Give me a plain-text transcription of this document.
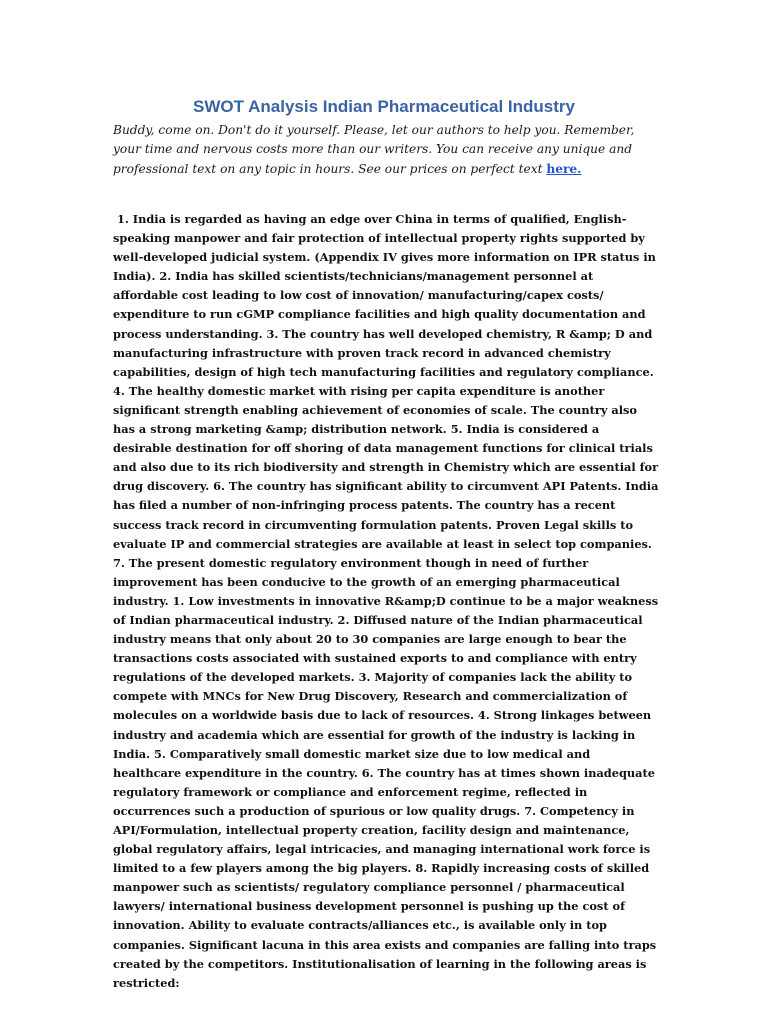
SWOT Analysis Indian Pharmaceutical Industry

Buddy, come on. Don't do it yourself. Please, let our authors to help you. Remember, your time and nervous costs more than our writers. You can receive any unique and professional text on any topic in hours. See our prices on perfect text here.

1. India is regarded as having an edge over China in terms of qualified, English-speaking manpower and fair protection of intellectual property rights supported by well-developed judicial system. (Appendix IV gives more information on IPR status in India). 2. India has skilled scientists/technicians/management personnel at affordable cost leading to low cost of innovation/ manufacturing/capex costs/ expenditure to run cGMP compliance facilities and high quality documentation and process understanding. 3. The country has well developed chemistry, R &amp; D and manufacturing infrastructure with proven track record in advanced chemistry capabilities, design of high tech manufacturing facilities and regulatory compliance. 4. The healthy domestic market with rising per capita expenditure is another significant strength enabling achievement of economies of scale. The country also has a strong marketing &amp; distribution network. 5. India is considered a desirable destination for off shoring of data management functions for clinical trials and also due to its rich biodiversity and strength in Chemistry which are essential for drug discovery. 6. The country has significant ability to circumvent API Patents. India has filed a number of non-infringing process patents. The country has a recent success track record in circumventing formulation patents. Proven Legal skills to evaluate IP and commercial strategies are available at least in select top companies. 7. The present domestic regulatory environment though in need of further improvement has been conducive to the growth of an emerging pharmaceutical industry. 1. Low investments in innovative R&amp;D continue to be a major weakness of Indian pharmaceutical industry. 2. Diffused nature of the Indian pharmaceutical industry means that only about 20 to 30 companies are large enough to bear the transactions costs associated with sustained exports to and compliance with entry regulations of the developed markets. 3. Majority of companies lack the ability to compete with MNCs for New Drug Discovery, Research and commercialization of molecules on a worldwide basis due to lack of resources. 4. Strong linkages between industry and academia which are essential for growth of the industry is lacking in India. 5. Comparatively small domestic market size due to low medical and healthcare expenditure in the country. 6. The country has at times shown inadequate regulatory framework or compliance and enforcement regime, reflected in occurrences such a production of spurious or low quality drugs. 7. Competency in API/Formulation, intellectual property creation, facility design and maintenance, global regulatory affairs, legal intricacies, and managing international work force is limited to a few players among the big players. 8. Rapidly increasing costs of skilled manpower such as scientists/ regulatory compliance personnel / pharmaceutical lawyers/ international business development personnel is pushing up the cost of innovation. Ability to evaluate contracts/alliances etc., is available only in top companies. Significant lacuna in this area exists and companies are falling into traps created by the competitors. Institutionalisation of learning in the following areas is restricted:
